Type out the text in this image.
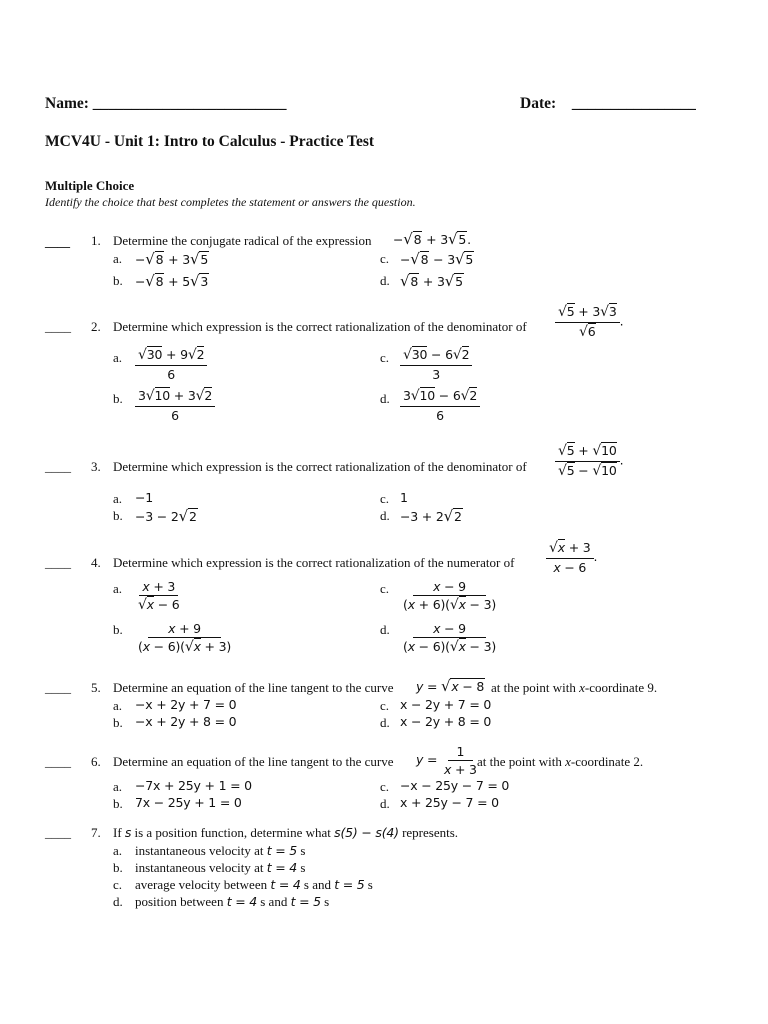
Name: _________________________	Date: ________________
MCV4U - Unit 1: Intro to Calculus - Practice Test
Multiple Choice
Identify the choice that best completes the statement or answers the question.
____ 1. Determine the conjugate radical of the expression −√8 + 3√5.
a. −√8 + 3√5
b. −√8 + 5√3
c. −√8 − 3√5
d. √8 + 3√5
____ 2. Determine which expression is the correct rationalization of the denominator of $\frac{√5 + 3√3}{√6}$ .
a. $\frac{√30 + 9√2}{6}$
b. $\frac{3√10 + 3√2}{6}$
c. $\frac{√30 - 6√2}{3}$
d. $\frac{3√10 - 6√2}{6}$
____ 3. Determine which expression is the correct rationalization of the denominator of $\frac{√5 + √10}{√5 - √10}$ .
a. −1
b. −3 − 2√2
c. 1
d. −3 + 2√2
____ 4. Determine which expression is the correct rationalization of the numerator of $\frac{√x + 3}{x - 6}$ .
a. $\frac{x + 3}{√x - 6}$
b. $\frac{x + 9}{(x - 6)(√x + 3)}$
c. $\frac{x - 9}{(x + 6)(√x - 3)}$
d. $\frac{x - 9}{(x - 6)(√x - 3)}$
____ 5. Determine an equation of the line tangent to the curve y = √x − 8 at the point with x-coordinate 9.
a. −x + 2y + 7 = 0
b. −x + 2y + 8 = 0
c. x − 2y + 7 = 0
d. x − 2y + 8 = 0
____ 6. Determine an equation of the line tangent to the curve $y = \frac{1}{x + 3}$
at the point with x-coordinate 2.
a. −7x + 25y + 1 = 0
b. 7x − 25y + 1 = 0
c. −x − 25y − 7 = 0
d. x + 25y − 7 = 0
____ 7. If s is a position function, determine what s(5) − s(4) represents.
a. instantaneous velocity at t = 5 s
b. instantaneous velocity at t = 4 s
c. average velocity between t = 4 s and t = 5 s
d. position between t = 4 s and t = 5 s
